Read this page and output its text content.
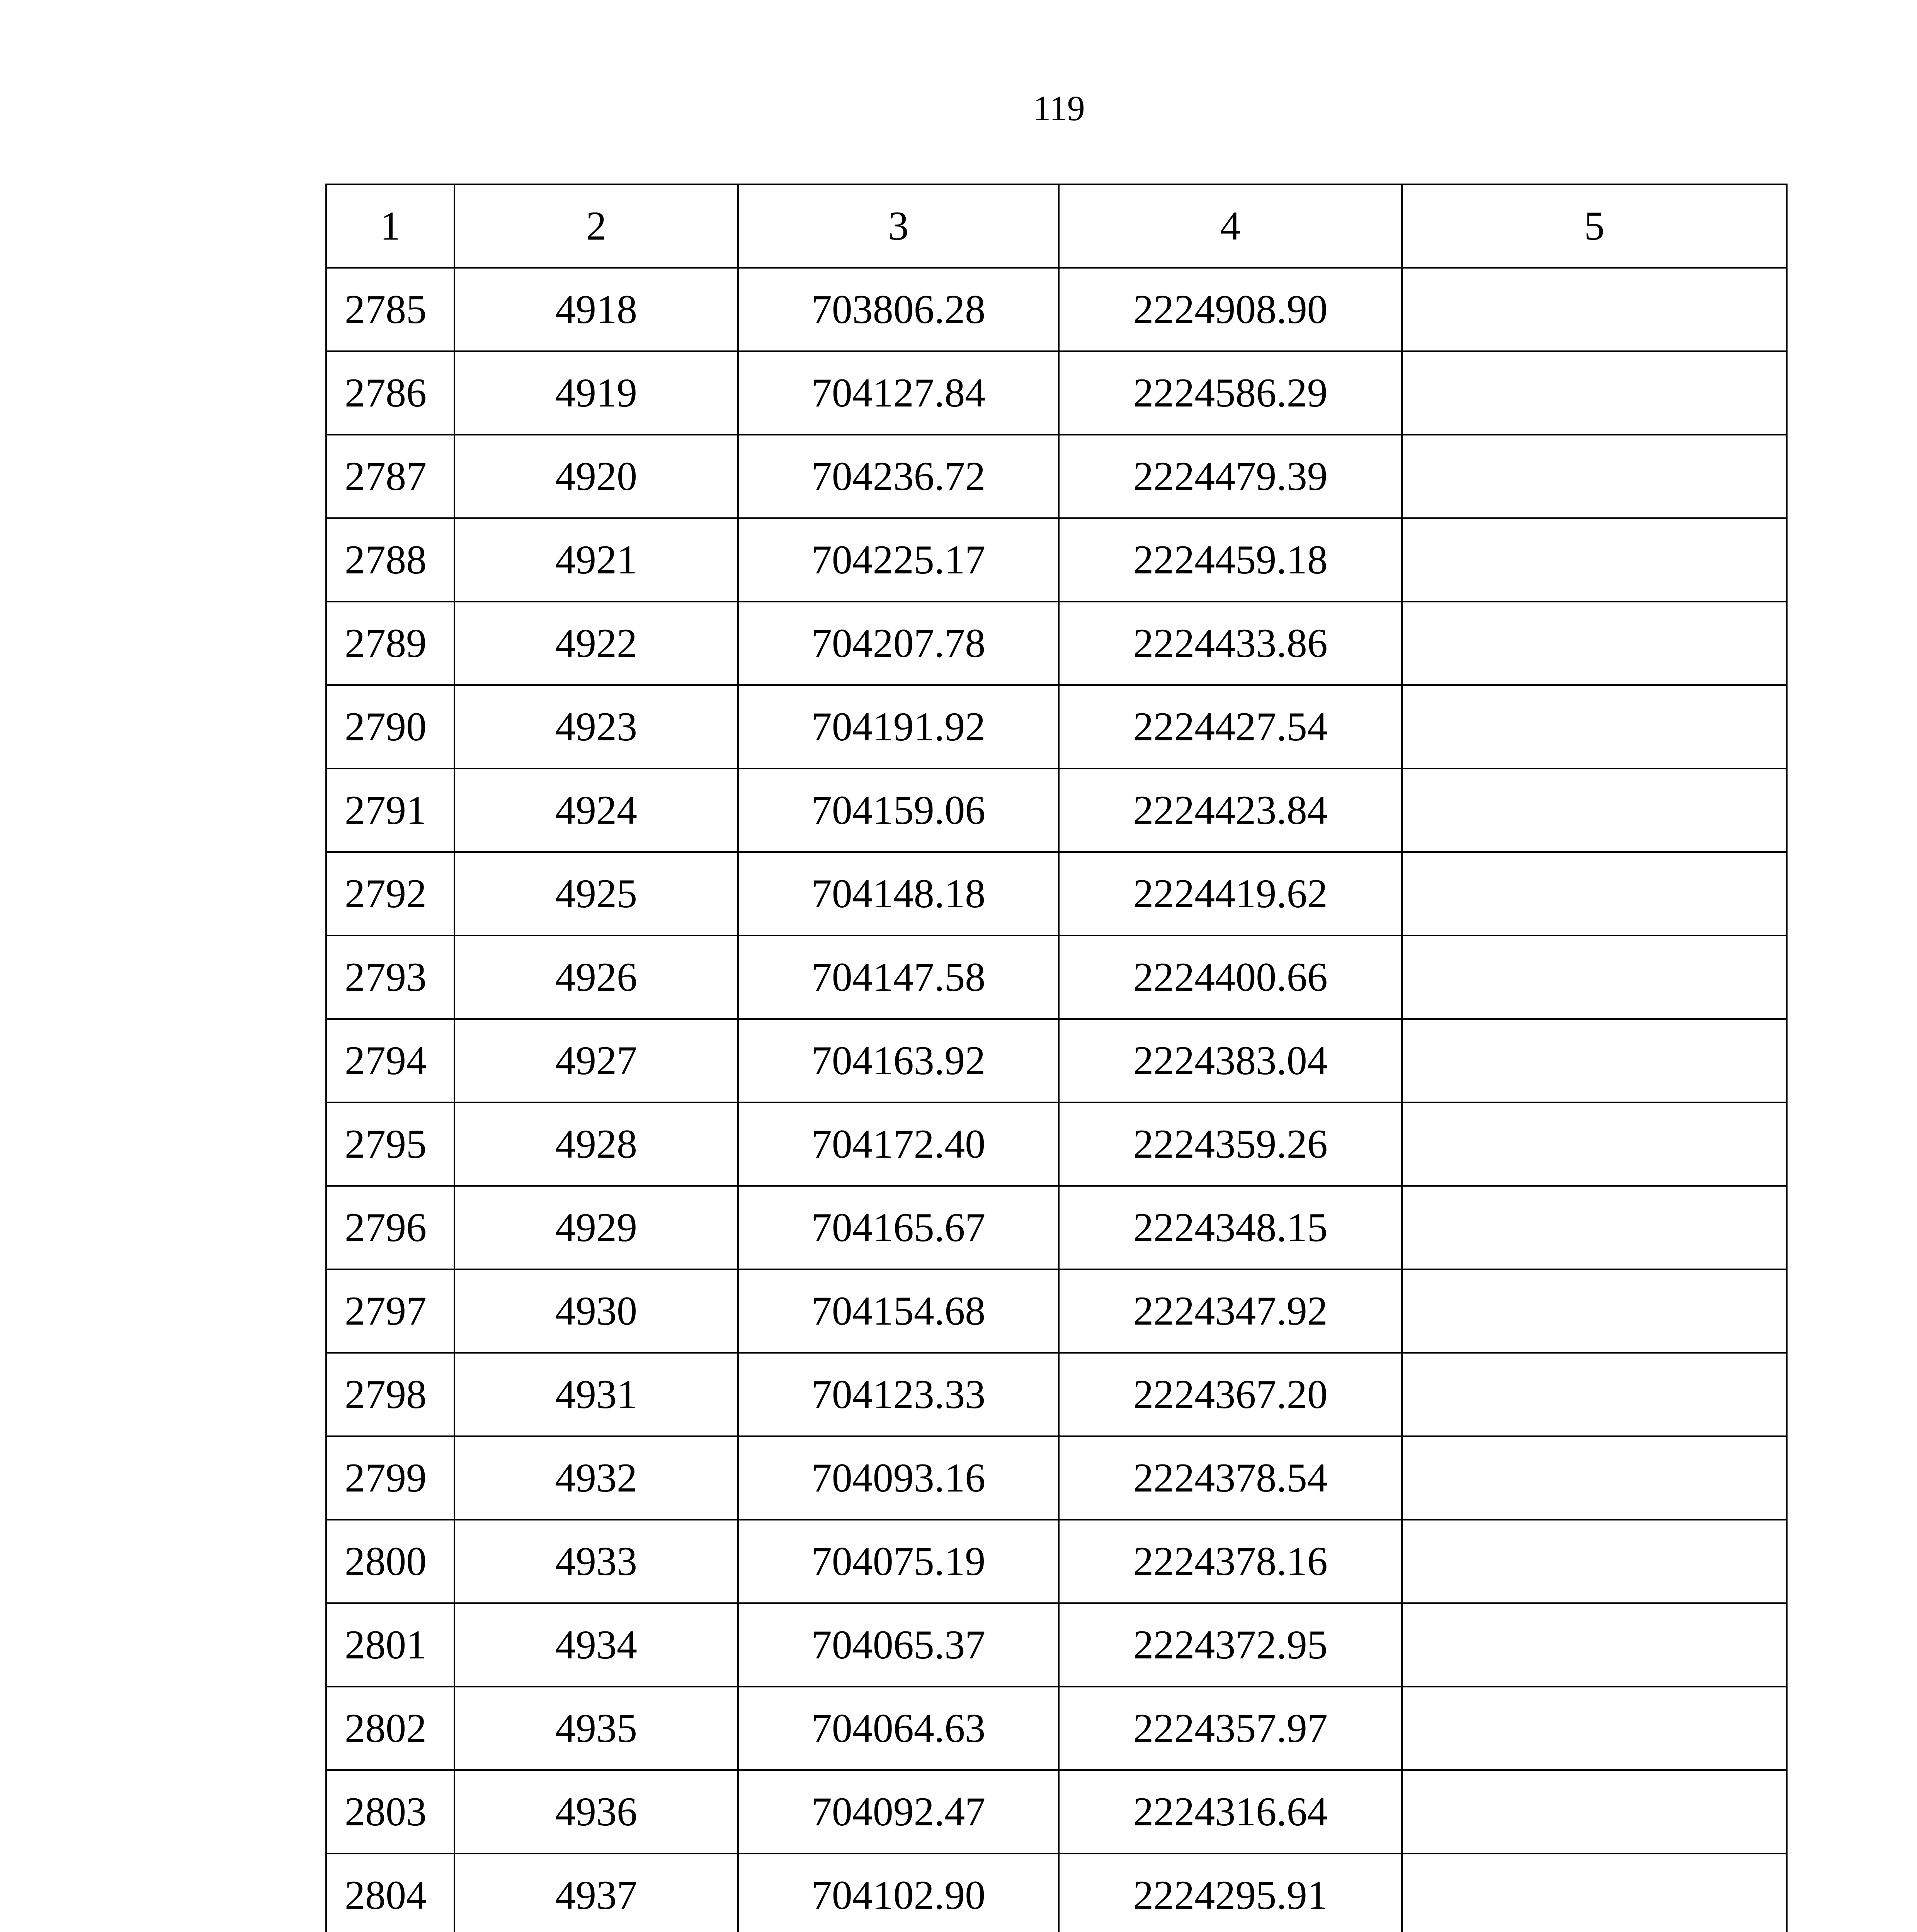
119
1	2	3	4	5
2785	4918	703806.28	2224908.90	
2786	4919	704127.84	2224586.29	
2787	4920	704236.72	2224479.39	
2788	4921	704225.17	2224459.18	
2789	4922	704207.78	2224433.86	
2790	4923	704191.92	2224427.54	
2791	4924	704159.06	2224423.84	
2792	4925	704148.18	2224419.62	
2793	4926	704147.58	2224400.66	
2794	4927	704163.92	2224383.04	
2795	4928	704172.40	2224359.26	
2796	4929	704165.67	2224348.15	
2797	4930	704154.68	2224347.92	
2798	4931	704123.33	2224367.20	
2799	4932	704093.16	2224378.54	
2800	4933	704075.19	2224378.16	
2801	4934	704065.37	2224372.95	
2802	4935	704064.63	2224357.97	
2803	4936	704092.47	2224316.64	
2804	4937	704102.90	2224295.91	
